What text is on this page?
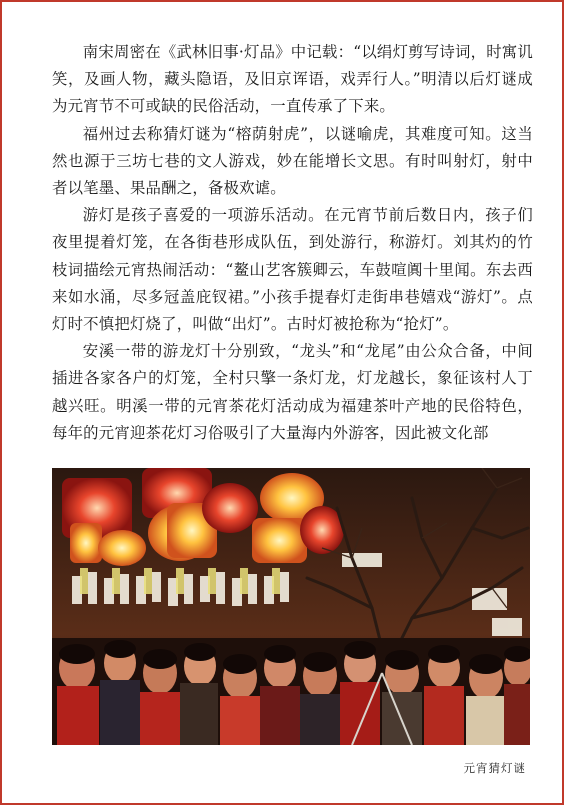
南宋周密在《武林旧事·灯品》中记载：“以绢灯剪写诗词，时寓讥笑，及画人物，藏头隐语，及旧京诨语，戏弄行人。”明清以后灯谜成为元宵节不可或缺的民俗活动，一直传承了下来。

福州过去称猜灯谜为“榕荫射虎”，以谜喻虎，其难度可知。这当然也源于三坊七巷的文人游戏，妙在能增长文思。有时叫射灯，射中者以笔墨、果品酬之，备极欢谑。

游灯是孩子喜爱的一项游乐活动。在元宵节前后数日内，孩子们夜里提着灯笼，在各街巷形成队伍，到处游行，称游灯。刘其灼的竹枝词描绘元宵热闹活动：“鳌山艺客簇卿云，车鼓喧阗十里闻。东去西来如水涌，尽多冠盖庇钗裙。”小孩手提春灯走街串巷嬉戏“游灯”。点灯时不慎把灯烧了，叫做“出灯”。古时灯被抢称为“抢灯”。

安溪一带的游龙灯十分别致，“龙头”和“龙尾”由公众合备，中间插进各家各户的灯笼，全村只擎一条灯龙，灯龙越长，象征该村人丁越兴旺。明溪一带的元宵茶花灯活动成为福建茶叶产地的民俗特色，每年的元宵迎茶花灯习俗吸引了大量海内外游客，因此被文化部

元宵猜灯谜
